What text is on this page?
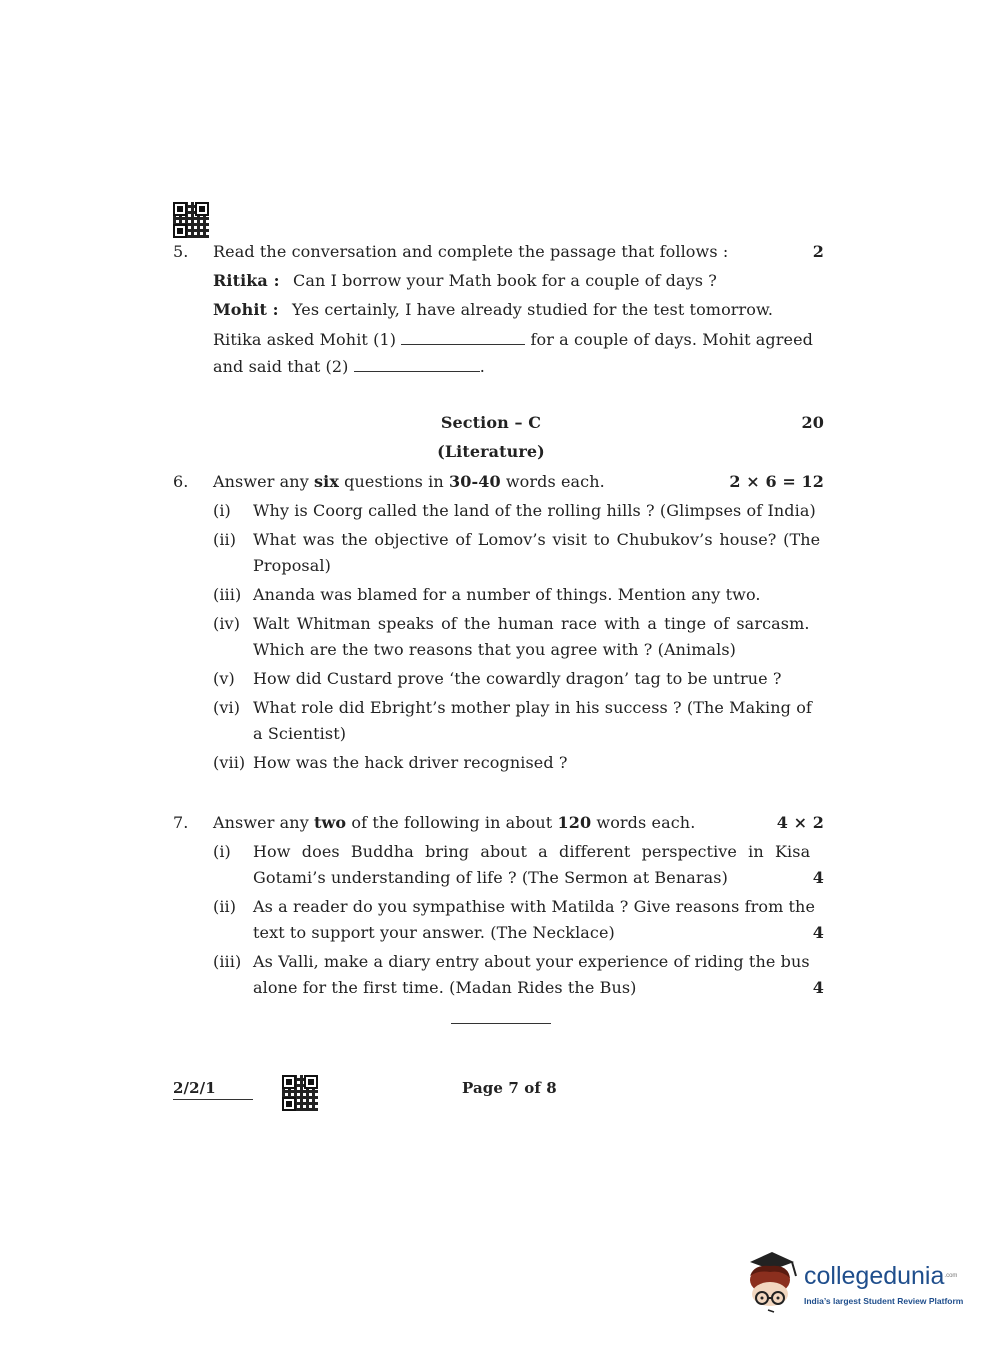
5. Read the conversation and complete the passage that follows :	2
Ritika : Can I borrow your Math book for a couple of days ?
Mohit : Yes certainly, I have already studied for the test tomorrow.
Ritika asked Mohit (1)	for a couple of days. Mohit agreed
and said that (2)	.
Section – C	20
(Literature)
6. Answer any six questions in 30-40 words each.	2 × 6 = 12
(i) Why is Coorg called the land of the rolling hills ? (Glimpses of India)
(ii) What was the objective of Lomov’s visit to Chubukov’s house? (The
Proposal)
(iii) Ananda was blamed for a number of things. Mention any two.
(iv) Walt Whitman speaks of the human race with a tinge of sarcasm.
Which are the two reasons that you agree with ? (Animals)
(v) How did Custard prove ‘the cowardly dragon’ tag to be untrue ?
(vi) What role did Ebright’s mother play in his success ? (The Making of
a Scientist)
(vii) How was the hack driver recognised ?
7. Answer any two of the following in about 120 words each.	4 × 2
(i) How does Buddha bring about a different perspective in Kisa
Gotami’s understanding of life ? (The Sermon at Benaras)	4
(ii) As a reader do you sympathise with Matilda ? Give reasons from the
text to support your answer. (The Necklace)	4
(iii) As Valli, make a diary entry about your experience of riding the bus
alone for the first time. (Madan Rides the Bus)	4
2/2/1	Page 7 of 8
collegedunia$^{.com}$
India’s largest Student Review Platform
